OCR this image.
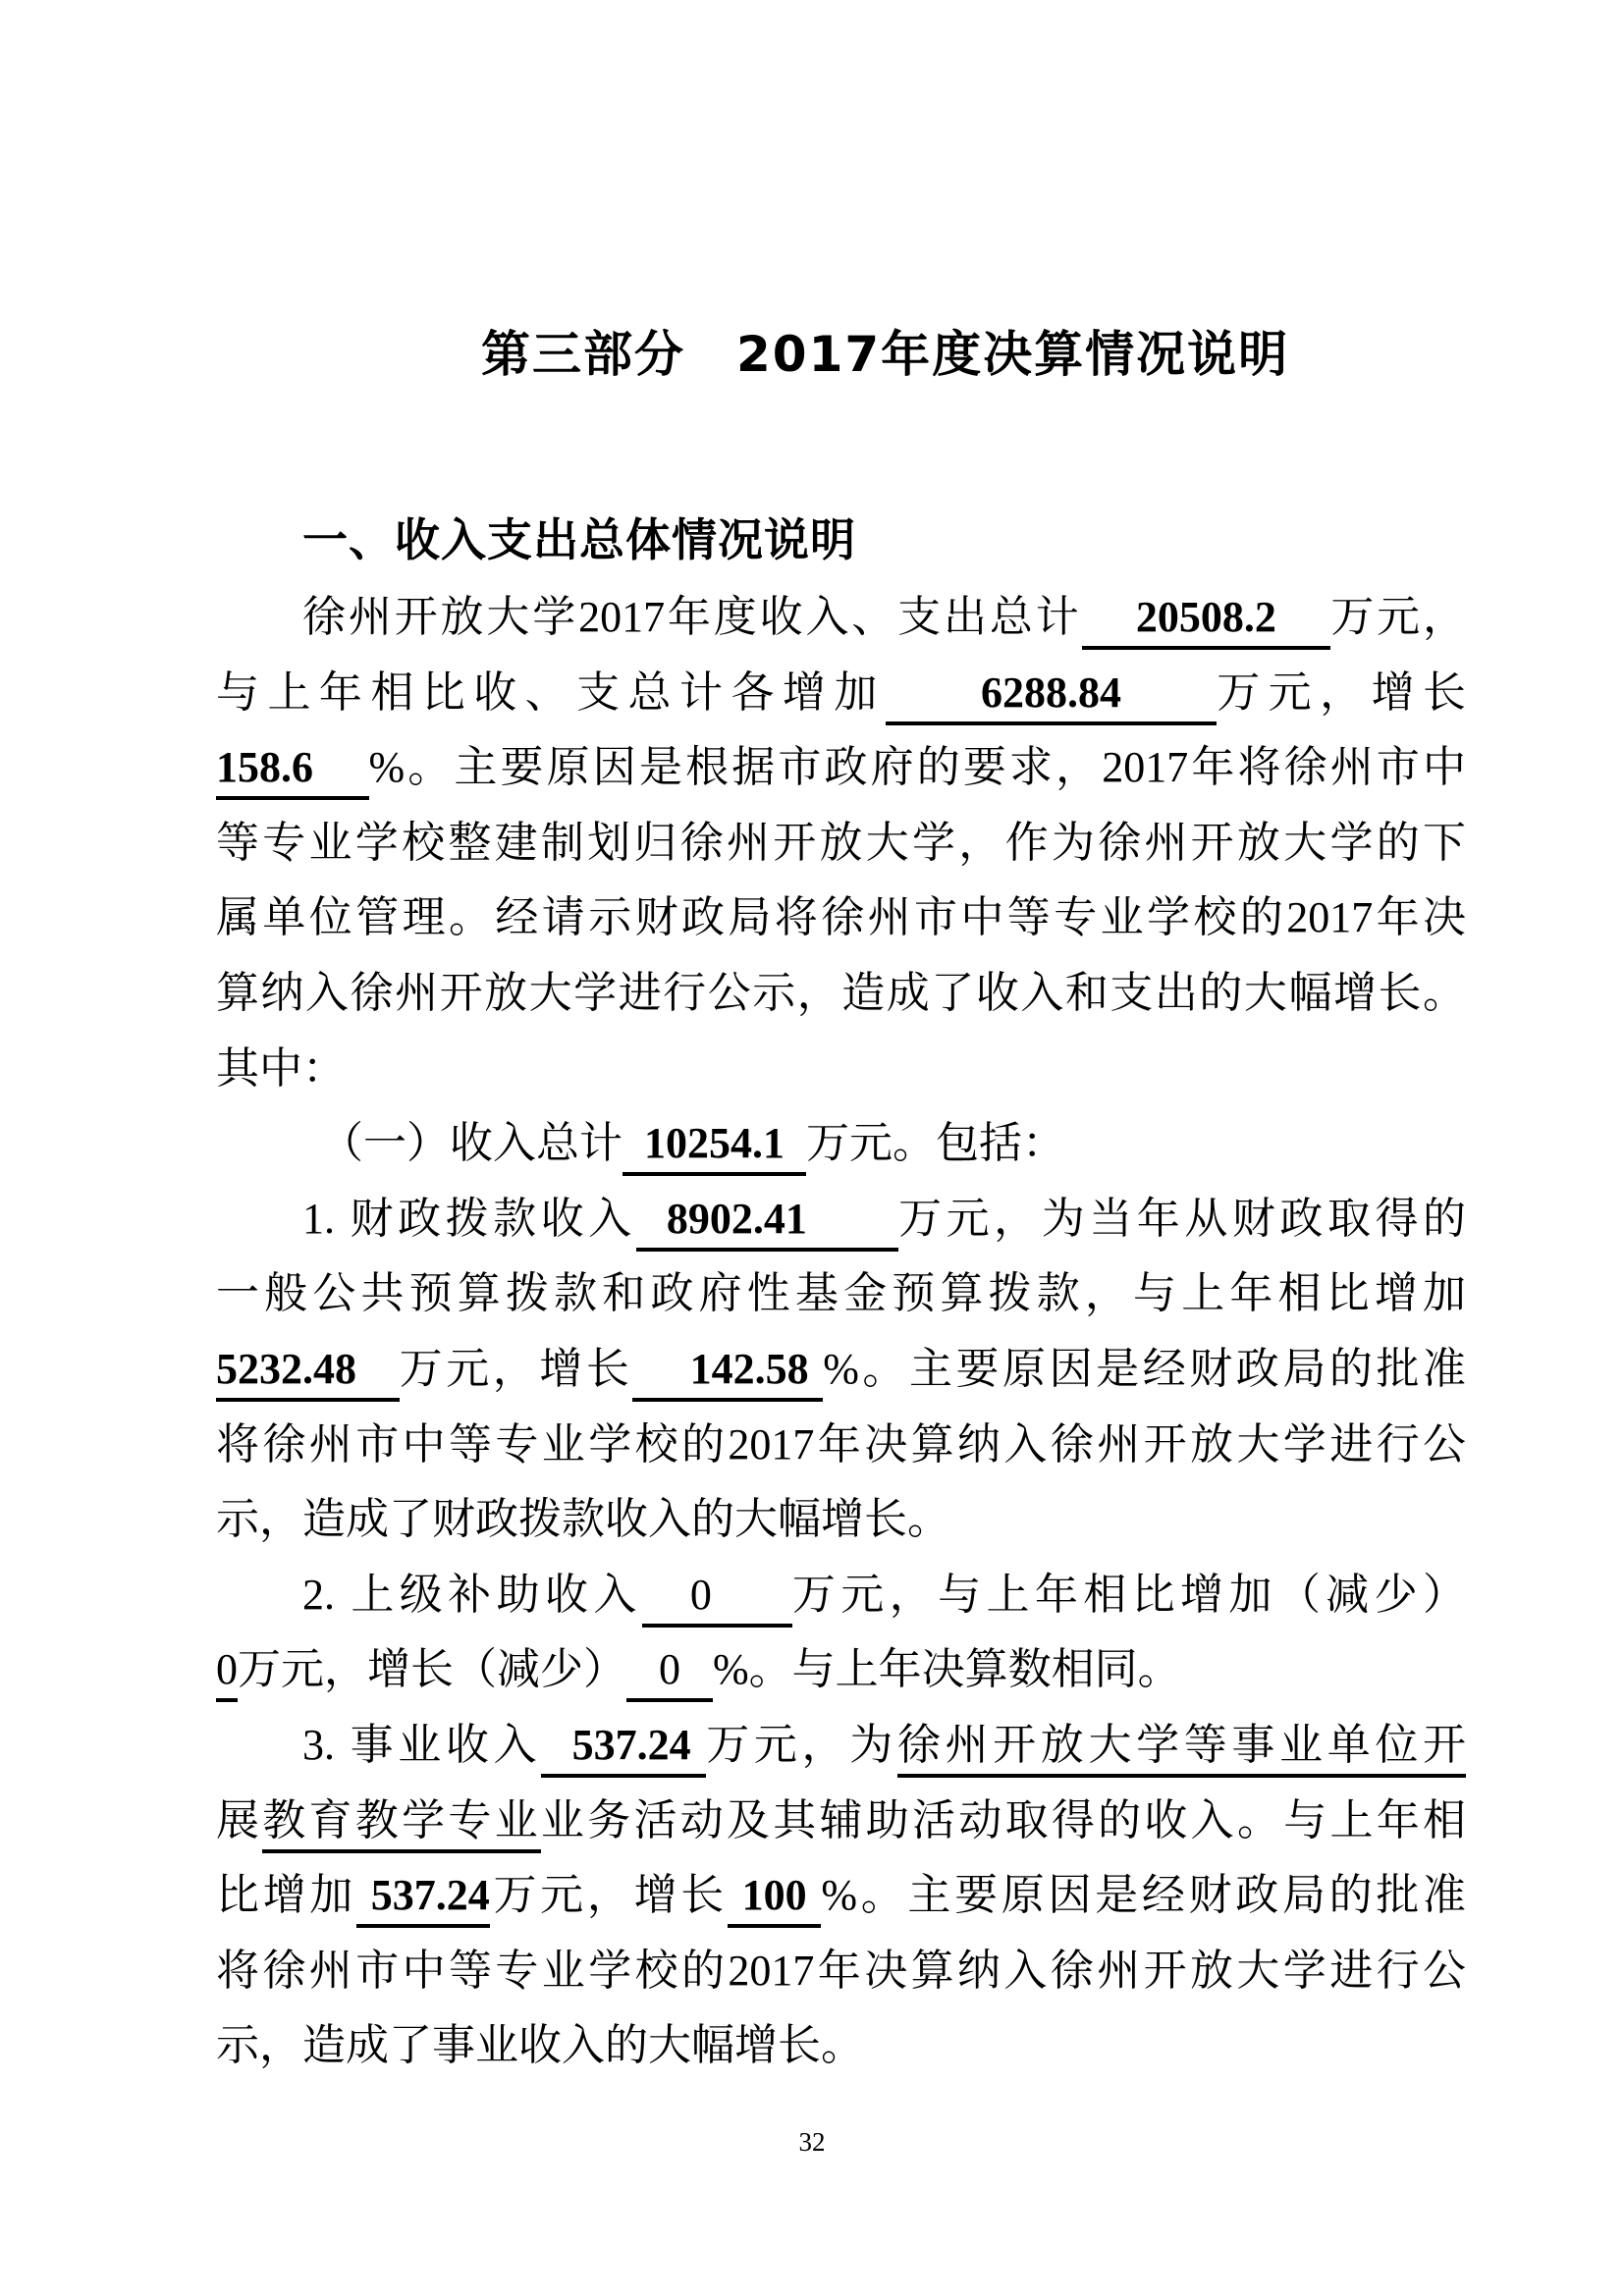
第三部分　2017年度决算情况说明
一、收入支出总体情况说明
徐州开放大学2017年度收入、支出总计    20508.2    万元，
与上年相比收、支总计各增加     6288.84     万元，增长
158.6    %。主要原因是根据市政府的要求，2017年将徐州市中
等专业学校整建制划归徐州开放大学，作为徐州开放大学的下
属单位管理。经请示财政局将徐州市中等专业学校的2017年决
算纳入徐州开放大学进行公示，造成了收入和支出的大幅增长。
其中：
（一）收入总计  10254.1  万元。包括：
1. 财政拨款收入  8902.41      万元，为当年从财政取得的
一般公共预算拨款和政府性基金预算拨款，与上年相比增加
5232.48   万元，增长    142.58 %。主要原因是经财政局的批准
将徐州市中等专业学校的2017年决算纳入徐州开放大学进行公
示，造成了财政拨款收入的大幅增长。
2. 上级补助收入   0     万元，与上年相比增加（减少）
0万元，增长（减少）   0   %。与上年决算数相同。
3. 事业收入  537.24 万元，为徐州开放大学等事业单位开
展教育教学专业业务活动及其辅助活动取得的收入。与上年相
比增加 537.24万元，增长 100 %。主要原因是经财政局的批准
将徐州市中等专业学校的2017年决算纳入徐州开放大学进行公
示，造成了事业收入的大幅增长。
32
